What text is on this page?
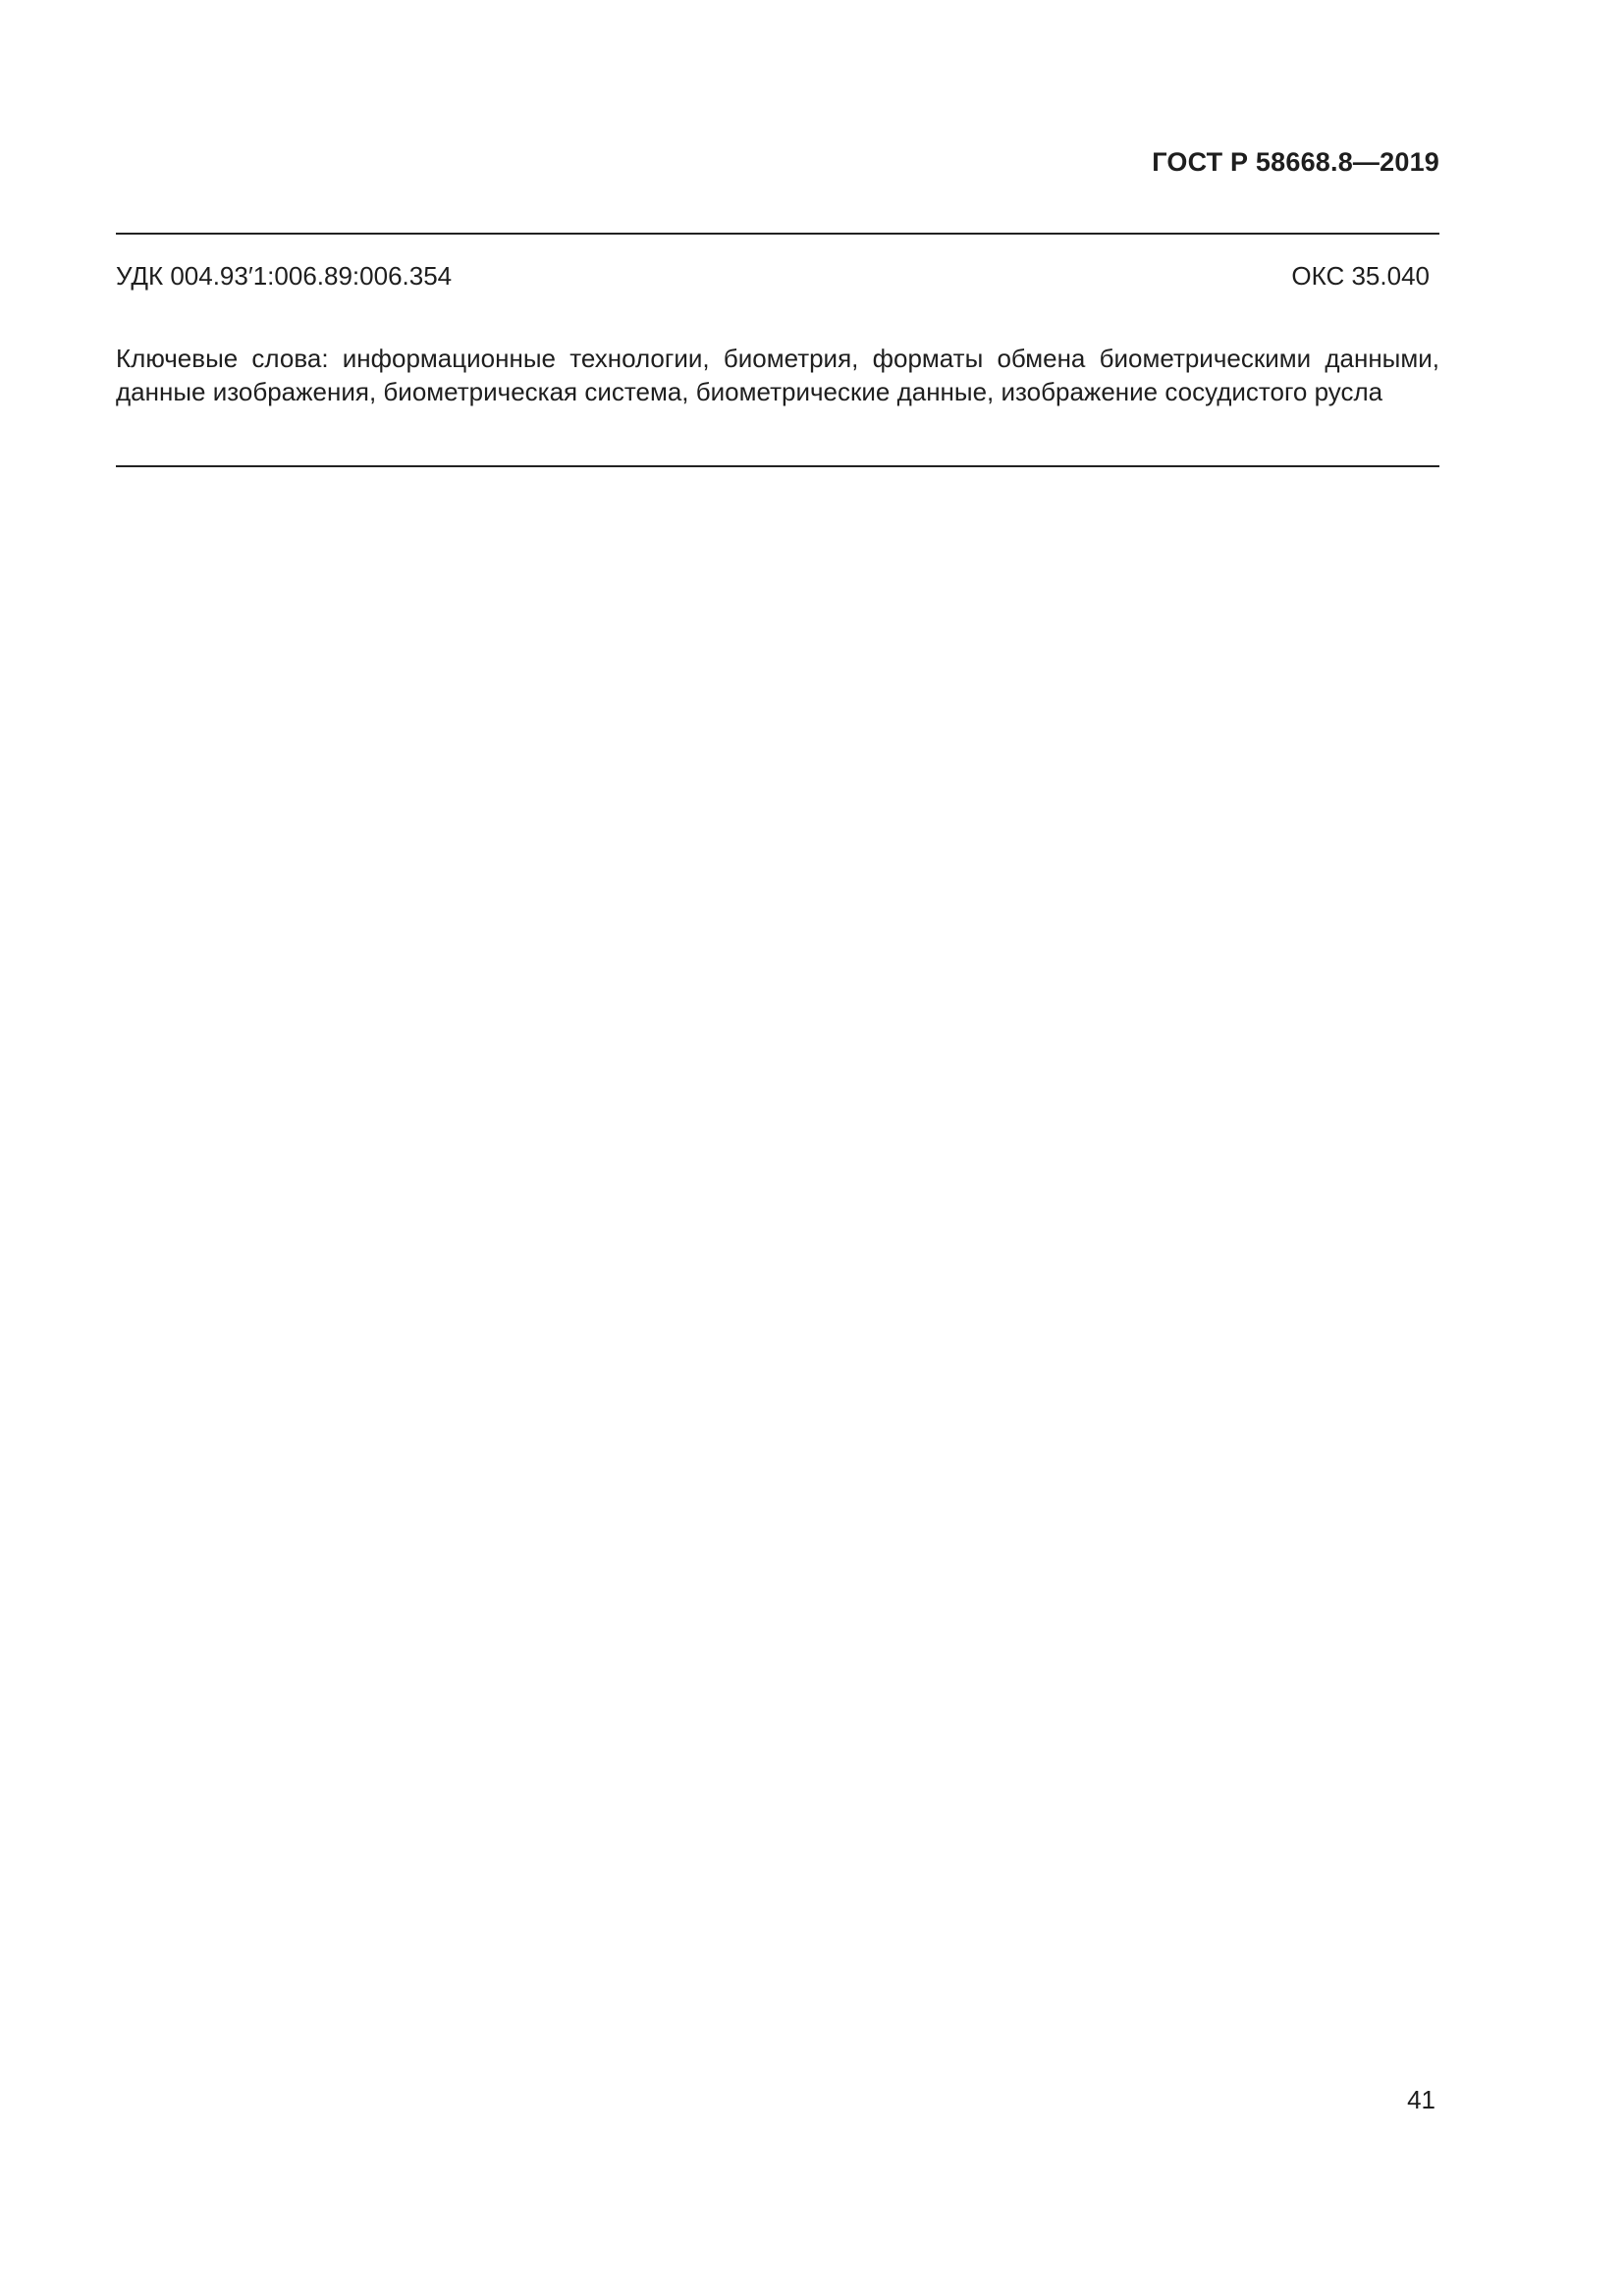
ГОСТ Р 58668.8—2019
УДК 004.93′1:006.89:006.354	ОКС 35.040
Ключевые слова: информационные технологии, биометрия, форматы обмена биометрическими данными, данные изображения, биометрическая система, биометрические данные, изображение сосудистого русла
41
